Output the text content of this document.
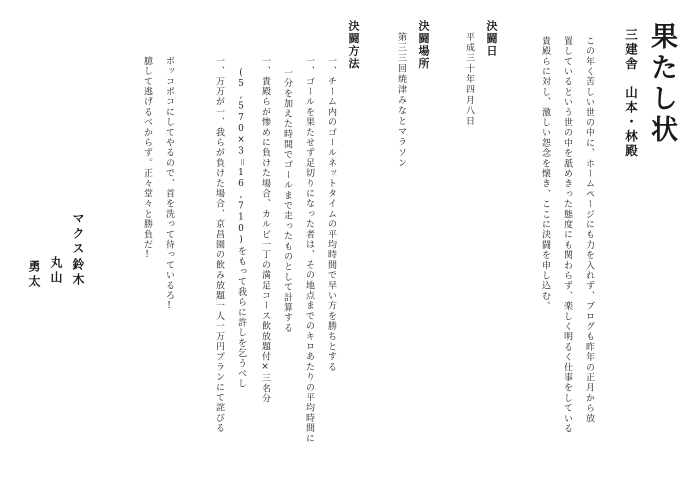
果たし状
三建舎　山本・林殿
この年く苦しい世の中に、ホームページにも力を入れず、ブログも昨年の正月から放
置しているという世の中を舐めきった態度にも関わらず、楽しく明るく仕事をしている
貴殿らに対し、激しい怨念を懐き、ここに決闘を申し込む。
決闘日
平成三十年四月八日
決闘場所
第三三回焼津みなとマラソン
決闘方法
一、チーム内のゴールネットタイムの平均時間で早い方を勝ちとする
一、ゴールを果たせず足切りになった者は、その地点までのキロあたりの平均時間に
一分を加えた時間でゴールまで走ったものとして計算する
一、貴殿らが惨めに負けた場合、カルビ一丁の満足コース飲放題付×三名分
(5,570×3＝16,710)をもって我らに許しを乞うべし
一、万万が一、我らが負けた場合、京昌園の飲み放題一人一万円プランにて詫びる
ボッコボコにしてやるので、首を洗って待っているろ!
臆して逃げるべからず。正々堂々と勝負だ!
マクス
鈴木
丸山
勇太
